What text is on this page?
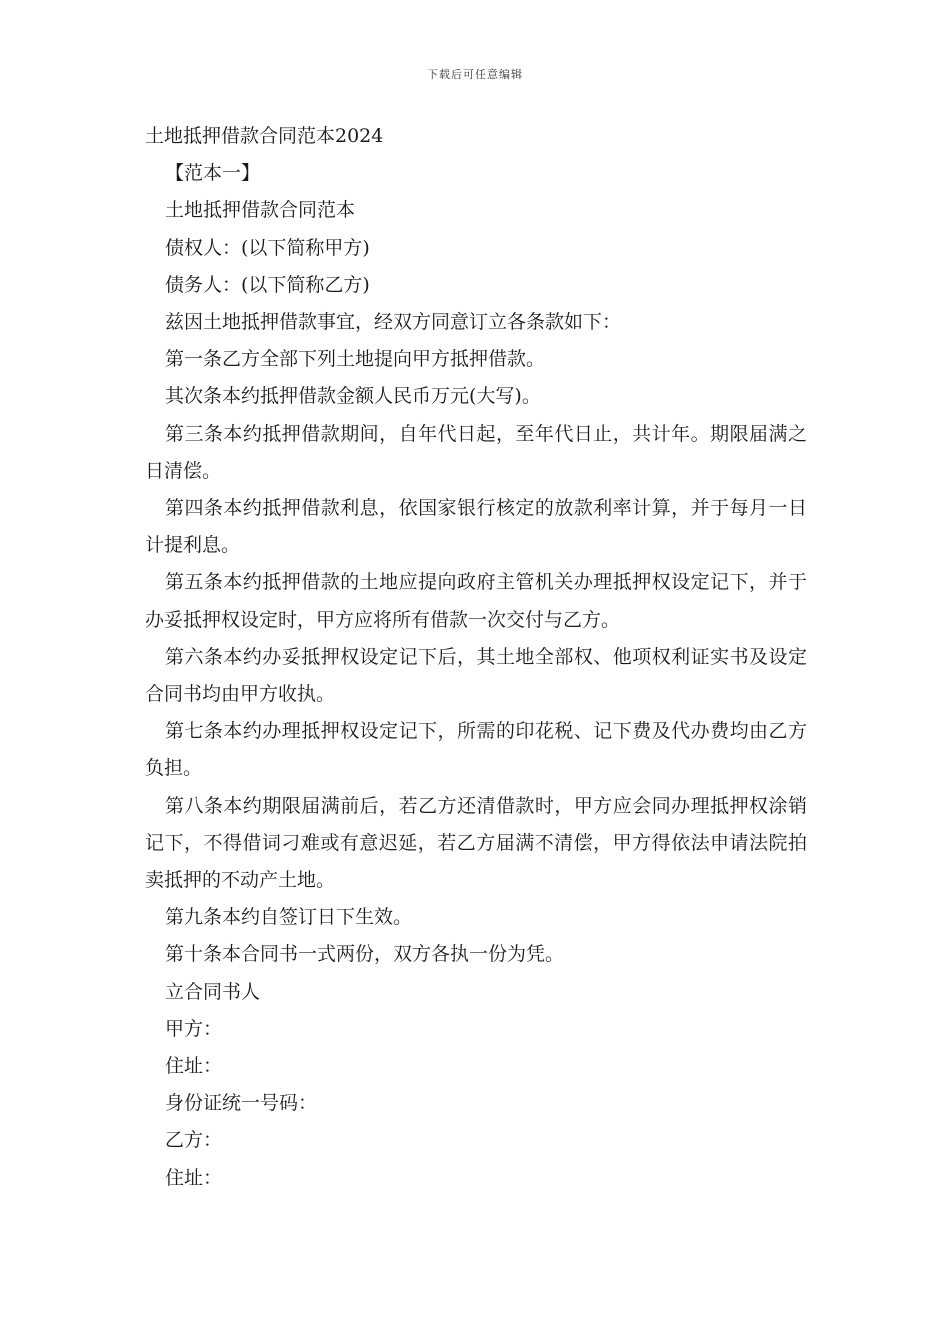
下载后可任意编辑

土地抵押借款合同范本2024

【范本一】

土地抵押借款合同范本

债权人：(以下简称甲方)

债务人：(以下简称乙方)

兹因土地抵押借款事宜，经双方同意订立各条款如下：

第一条乙方全部下列土地提向甲方抵押借款。

其次条本约抵押借款金额人民币万元(大写)。

第三条本约抵押借款期间，自年代日起，至年代日止，共计年。期限届满之日清偿。

第四条本约抵押借款利息，依国家银行核定的放款利率计算，并于每月一日计提利息。

第五条本约抵押借款的土地应提向政府主管机关办理抵押权设定记下，并于办妥抵押权设定时，甲方应将所有借款一次交付与乙方。

第六条本约办妥抵押权设定记下后，其土地全部权、他项权利证实书及设定合同书均由甲方收执。

第七条本约办理抵押权设定记下，所需的印花税、记下费及代办费均由乙方负担。

第八条本约期限届满前后，若乙方还清借款时，甲方应会同办理抵押权涂销记下，不得借词刁难或有意迟延，若乙方届满不清偿，甲方得依法申请法院拍卖抵押的不动产土地。

第九条本约自签订日下生效。

第十条本合同书一式两份，双方各执一份为凭。

立合同书人

甲方：

住址：

身份证统一号码：

乙方：

住址：
